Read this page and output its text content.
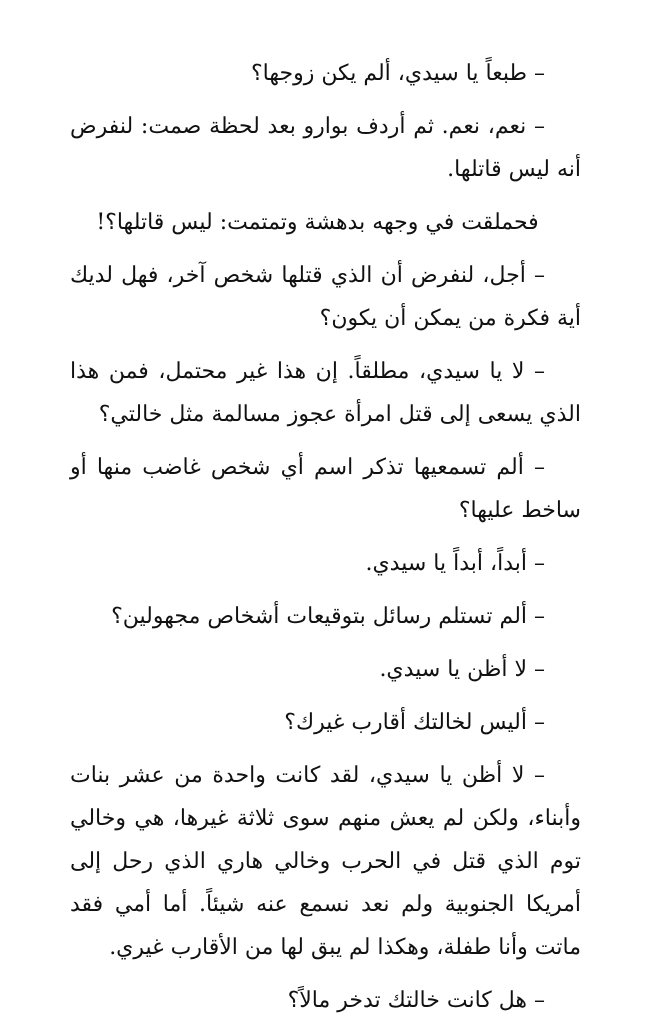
– طبعاً يا سيدي، ألم يكن زوجها؟

– نعم، نعم. ثم أردف بوارو بعد لحظة صمت: لنفرض أنه ليس قاتلها.

فحملقت في وجهه بدهشة وتمتمت: ليس قاتلها؟!

– أجل، لنفرض أن الذي قتلها شخص آخر، فهل لديك أية فكرة من يمكن أن يكون؟

– لا يا سيدي، مطلقاً. إن هذا غير محتمل، فمن هذا الذي يسعى إلى قتل امرأة عجوز مسالمة مثل خالتي؟

– ألم تسمعيها تذكر اسم أي شخص غاضب منها أو ساخط عليها؟

– أبداً، أبداً يا سيدي.

– ألم تستلم رسائل بتوقيعات أشخاص مجهولين؟

– لا أظن يا سيدي.

– أليس لخالتك أقارب غيرك؟

– لا أظن يا سيدي، لقد كانت واحدة من عشر بنات وأبناء، ولكن لم يعش منهم سوى ثلاثة غيرها، هي وخالي توم الذي قتل في الحرب وخالي هاري الذي رحل إلى أمريكا الجنوبية ولم نعد نسمع عنه شيئاً. أما أمي فقد ماتت وأنا طفلة، وهكذا لم يبق لها من الأقارب غيري.

– هل كانت خالتك تدخر مالاً؟
